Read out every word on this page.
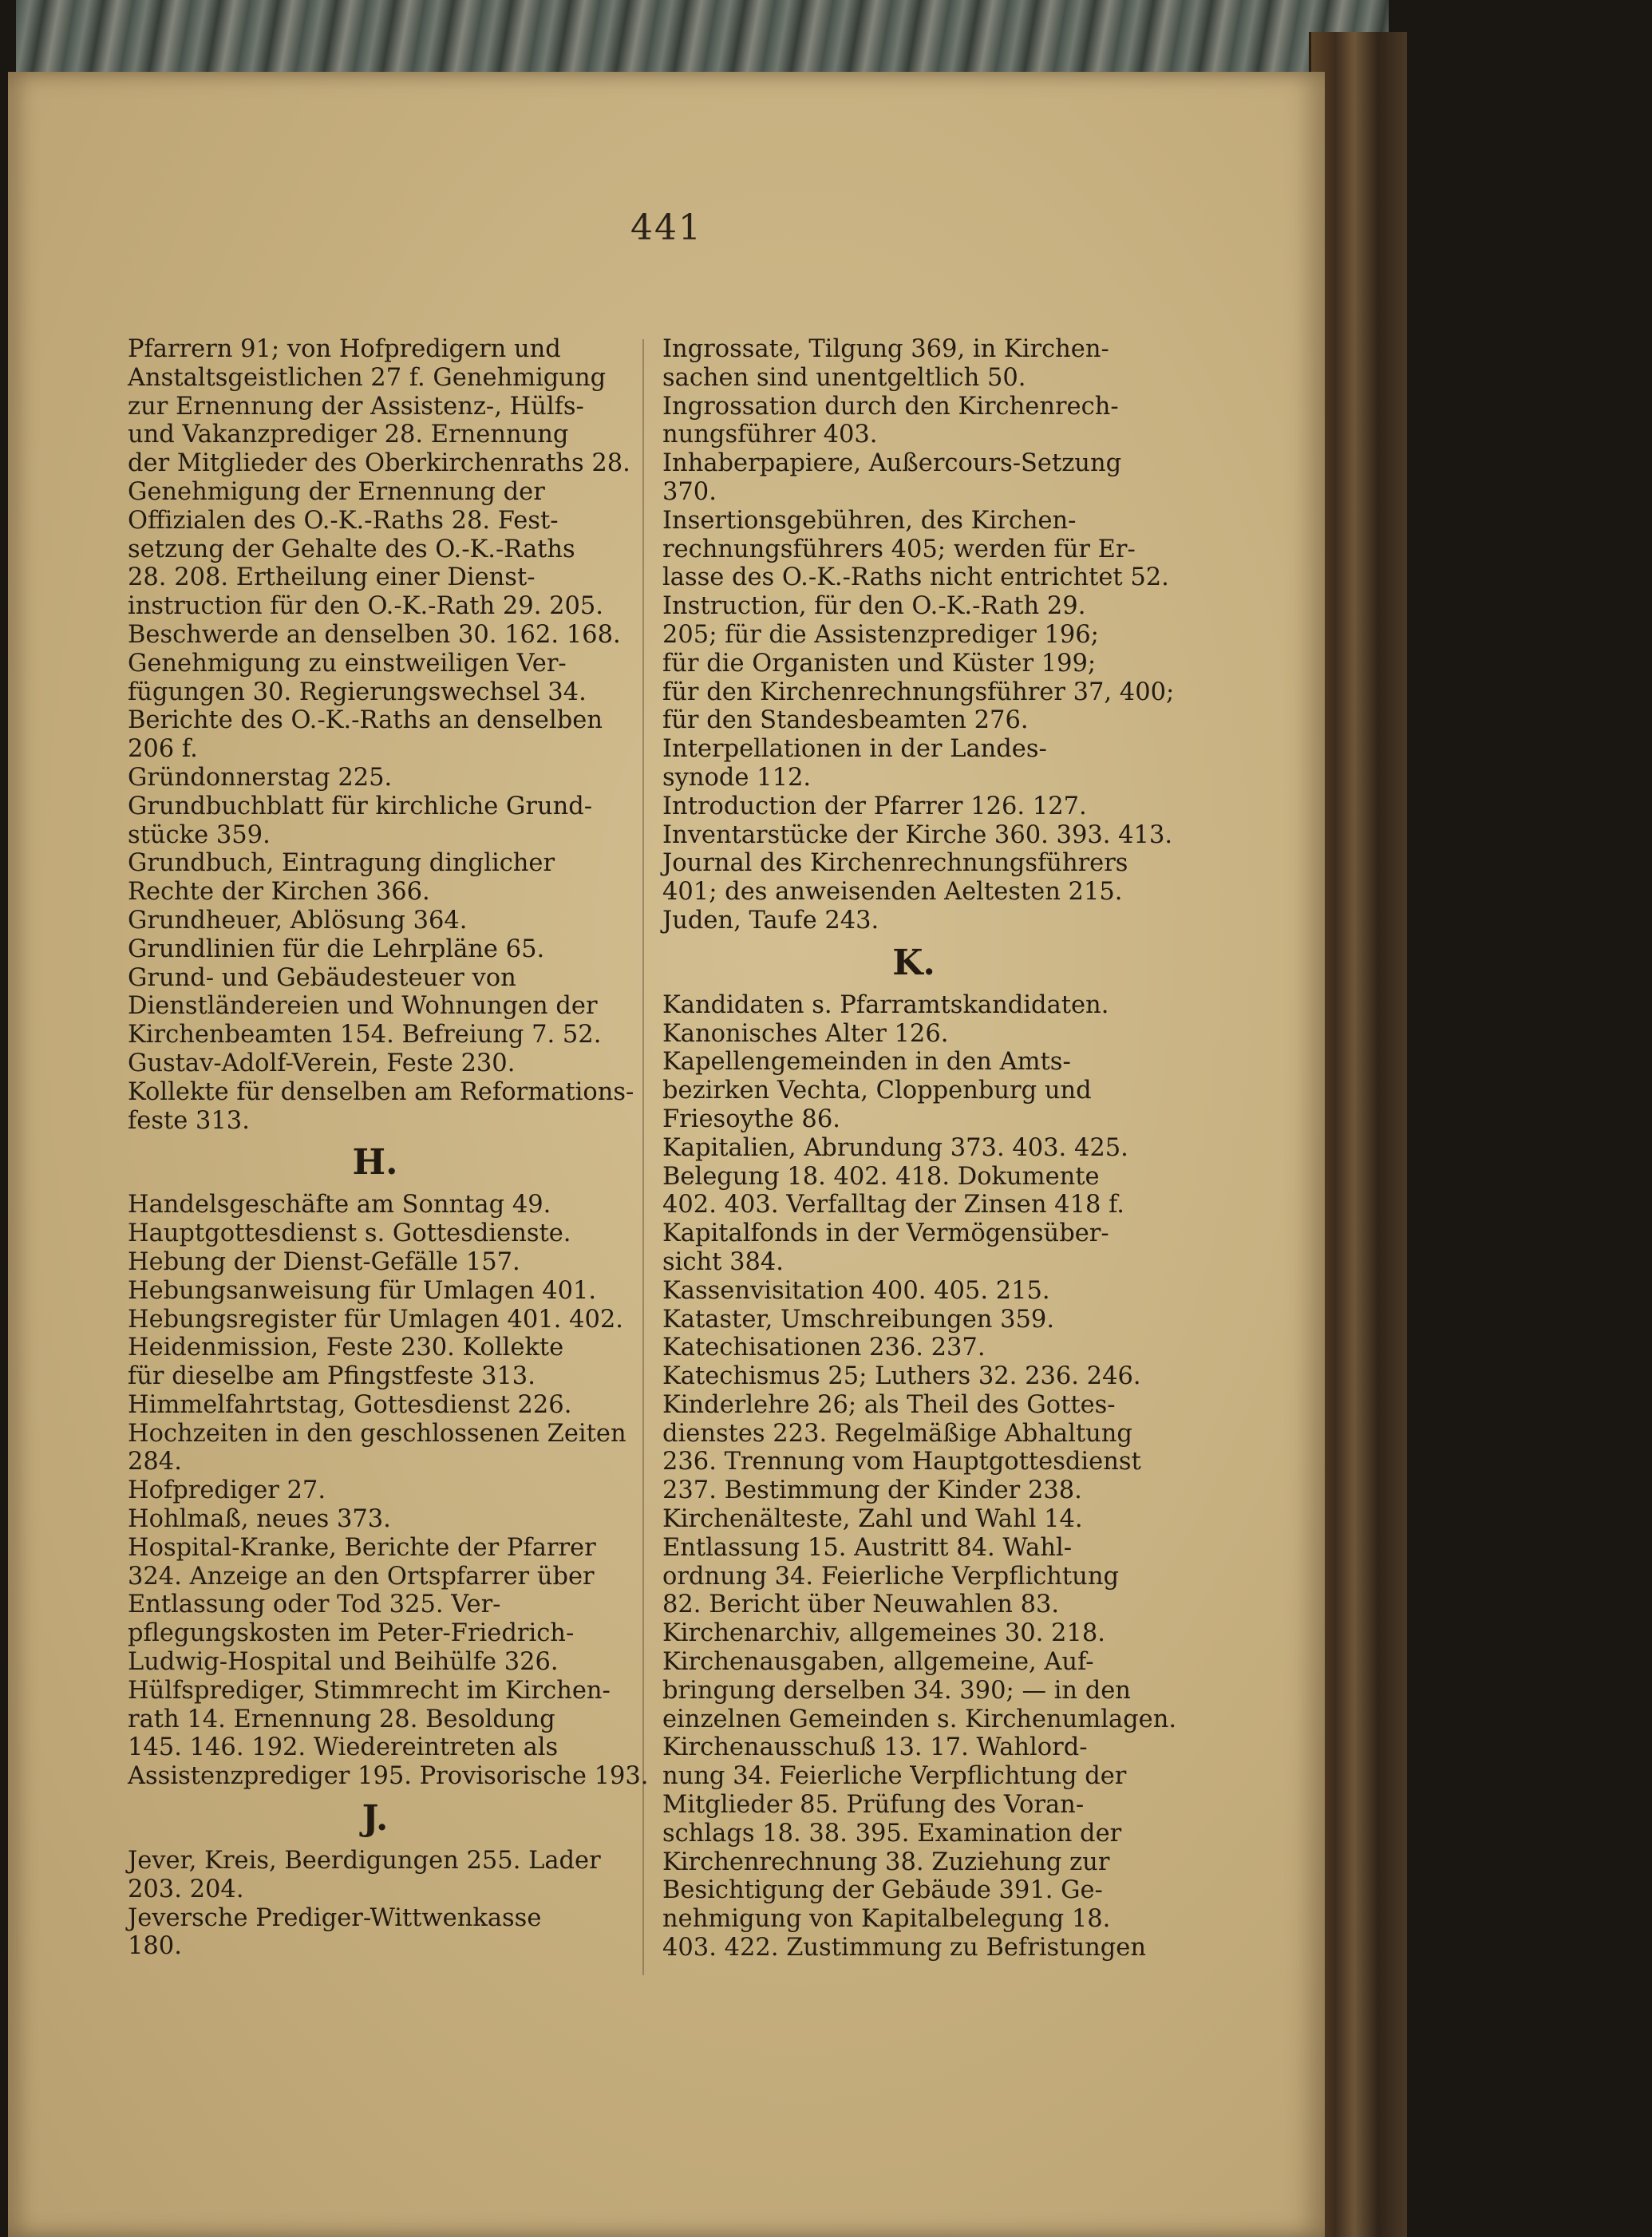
441
Pfarrern 91; von Hofpredigern und
Anstaltsgeistlichen 27 f. Genehmigung
zur Ernennung der Assistenz-, Hülfs-
und Vakanzprediger 28. Ernennung
der Mitglieder des Oberkirchenraths 28.
Genehmigung der Ernennung der
Offizialen des O.-K.-Raths 28. Fest-
setzung der Gehalte des O.-K.-Raths
28. 208. Ertheilung einer Dienst-
instruction für den O.-K.-Rath 29. 205.
Beschwerde an denselben 30. 162. 168.
Genehmigung zu einstweiligen Ver-
fügungen 30. Regierungswechsel 34.
Berichte des O.-K.-Raths an denselben
206 f.
Gründonnerstag 225.
Grundbuchblatt für kirchliche Grund-
stücke 359.
Grundbuch, Eintragung dinglicher
Rechte der Kirchen 366.
Grundheuer, Ablösung 364.
Grundlinien für die Lehrpläne 65.
Grund- und Gebäudesteuer von
Dienstländereien und Wohnungen der
Kirchenbeamten 154. Befreiung 7. 52.
Gustav-Adolf-Verein, Feste 230.
Kollekte für denselben am Reformations-
feste 313.

H.

Handelsgeschäfte am Sonntag 49.
Hauptgottesdienst s. Gottesdienste.
Hebung der Dienst-Gefälle 157.
Hebungsanweisung für Umlagen 401.
Hebungsregister für Umlagen 401. 402.
Heidenmission, Feste 230. Kollekte
für dieselbe am Pfingstfeste 313.
Himmelfahrtstag, Gottesdienst 226.
Hochzeiten in den geschlossenen Zeiten
284.
Hofprediger 27.
Hohlmaß, neues 373.
Hospital-Kranke, Berichte der Pfarrer
324. Anzeige an den Ortspfarrer über
Entlassung oder Tod 325. Ver-
pflegungskosten im Peter-Friedrich-
Ludwig-Hospital und Beihülfe 326.
Hülfsprediger, Stimmrecht im Kirchen-
rath 14. Ernennung 28. Besoldung
145. 146. 192. Wiedereintreten als
Assistenzprediger 195. Provisorische 193.

J.

Jever, Kreis, Beerdigungen 255. Lader
203. 204.
Jeversche Prediger-Wittwenkasse
180.
Ingrossate, Tilgung 369, in Kirchen-
sachen sind unentgeltlich 50.
Ingrossation durch den Kirchenrech-
nungsführer 403.
Inhaberpapiere, Außercours-Setzung
370.
Insertionsgebühren, des Kirchen-
rechnungsführers 405; werden für Er-
lasse des O.-K.-Raths nicht entrichtet 52.
Instruction, für den O.-K.-Rath 29.
205; für die Assistenzprediger 196;
für die Organisten und Küster 199;
für den Kirchenrechnungsführer 37, 400;
für den Standesbeamten 276.
Interpellationen in der Landes-
synode 112.
Introduction der Pfarrer 126. 127.
Inventarstücke der Kirche 360. 393. 413.
Journal des Kirchenrechnungsführers
401; des anweisenden Aeltesten 215.
Juden, Taufe 243.

K.

Kandidaten s. Pfarramtskandidaten.
Kanonisches Alter 126.
Kapellengemeinden in den Amts-
bezirken Vechta, Cloppenburg und
Friesoythe 86.
Kapitalien, Abrundung 373. 403. 425.
Belegung 18. 402. 418. Dokumente
402. 403. Verfalltag der Zinsen 418 f.
Kapitalfonds in der Vermögensüber-
sicht 384.
Kassenvisitation 400. 405. 215.
Kataster, Umschreibungen 359.
Katechisationen 236. 237.
Katechismus 25; Luthers 32. 236. 246.
Kinderlehre 26; als Theil des Gottes-
dienstes 223. Regelmäßige Abhaltung
236. Trennung vom Hauptgottesdienst
237. Bestimmung der Kinder 238.
Kirchenälteste, Zahl und Wahl 14.
Entlassung 15. Austritt 84. Wahl-
ordnung 34. Feierliche Verpflichtung
82. Bericht über Neuwahlen 83.
Kirchenarchiv, allgemeines 30. 218.
Kirchenausgaben, allgemeine, Auf-
bringung derselben 34. 390; — in den
einzelnen Gemeinden s. Kirchenumlagen.
Kirchenausschuß 13. 17. Wahlord-
nung 34. Feierliche Verpflichtung der
Mitglieder 85. Prüfung des Voran-
schlags 18. 38. 395. Examination der
Kirchenrechnung 38. Zuziehung zur
Besichtigung der Gebäude 391. Ge-
nehmigung von Kapitalbelegung 18.
403. 422. Zustimmung zu Befristungen
